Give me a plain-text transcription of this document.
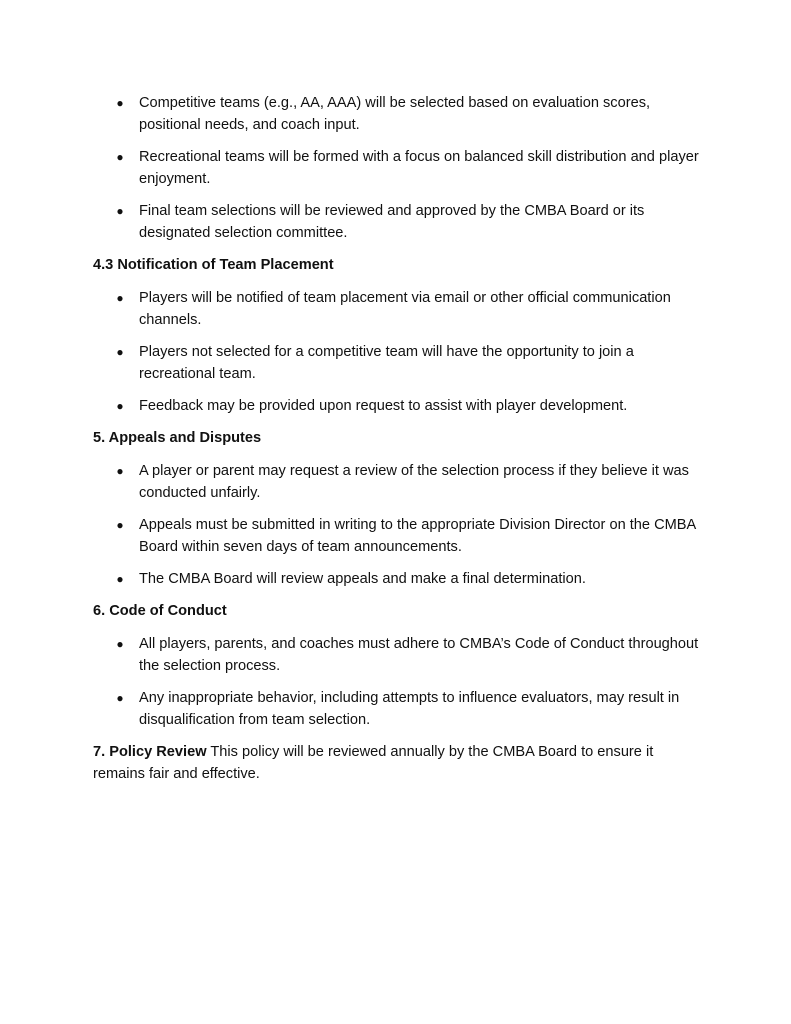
● Competitive teams (e.g., AA, AAA) will be selected based on evaluation scores, positional needs, and coach input.
● Recreational teams will be formed with a focus on balanced skill distribution and player enjoyment.
● Final team selections will be reviewed and approved by the CMBA Board or its designated selection committee.
4.3 Notification of Team Placement
● Players will be notified of team placement via email or other official communication channels.
● Players not selected for a competitive team will have the opportunity to join a recreational team.
● Feedback may be provided upon request to assist with player development.
5. Appeals and Disputes
● A player or parent may request a review of the selection process if they believe it was conducted unfairly.
● Appeals must be submitted in writing to the appropriate Division Director on the CMBA Board within seven days of team announcements.
● The CMBA Board will review appeals and make a final determination.
6. Code of Conduct
● All players, parents, and coaches must adhere to CMBA’s Code of Conduct throughout the selection process.
● Any inappropriate behavior, including attempts to influence evaluators, may result in disqualification from team selection.

7. Policy Review This policy will be reviewed annually by the CMBA Board to ensure it remains fair and effective.
